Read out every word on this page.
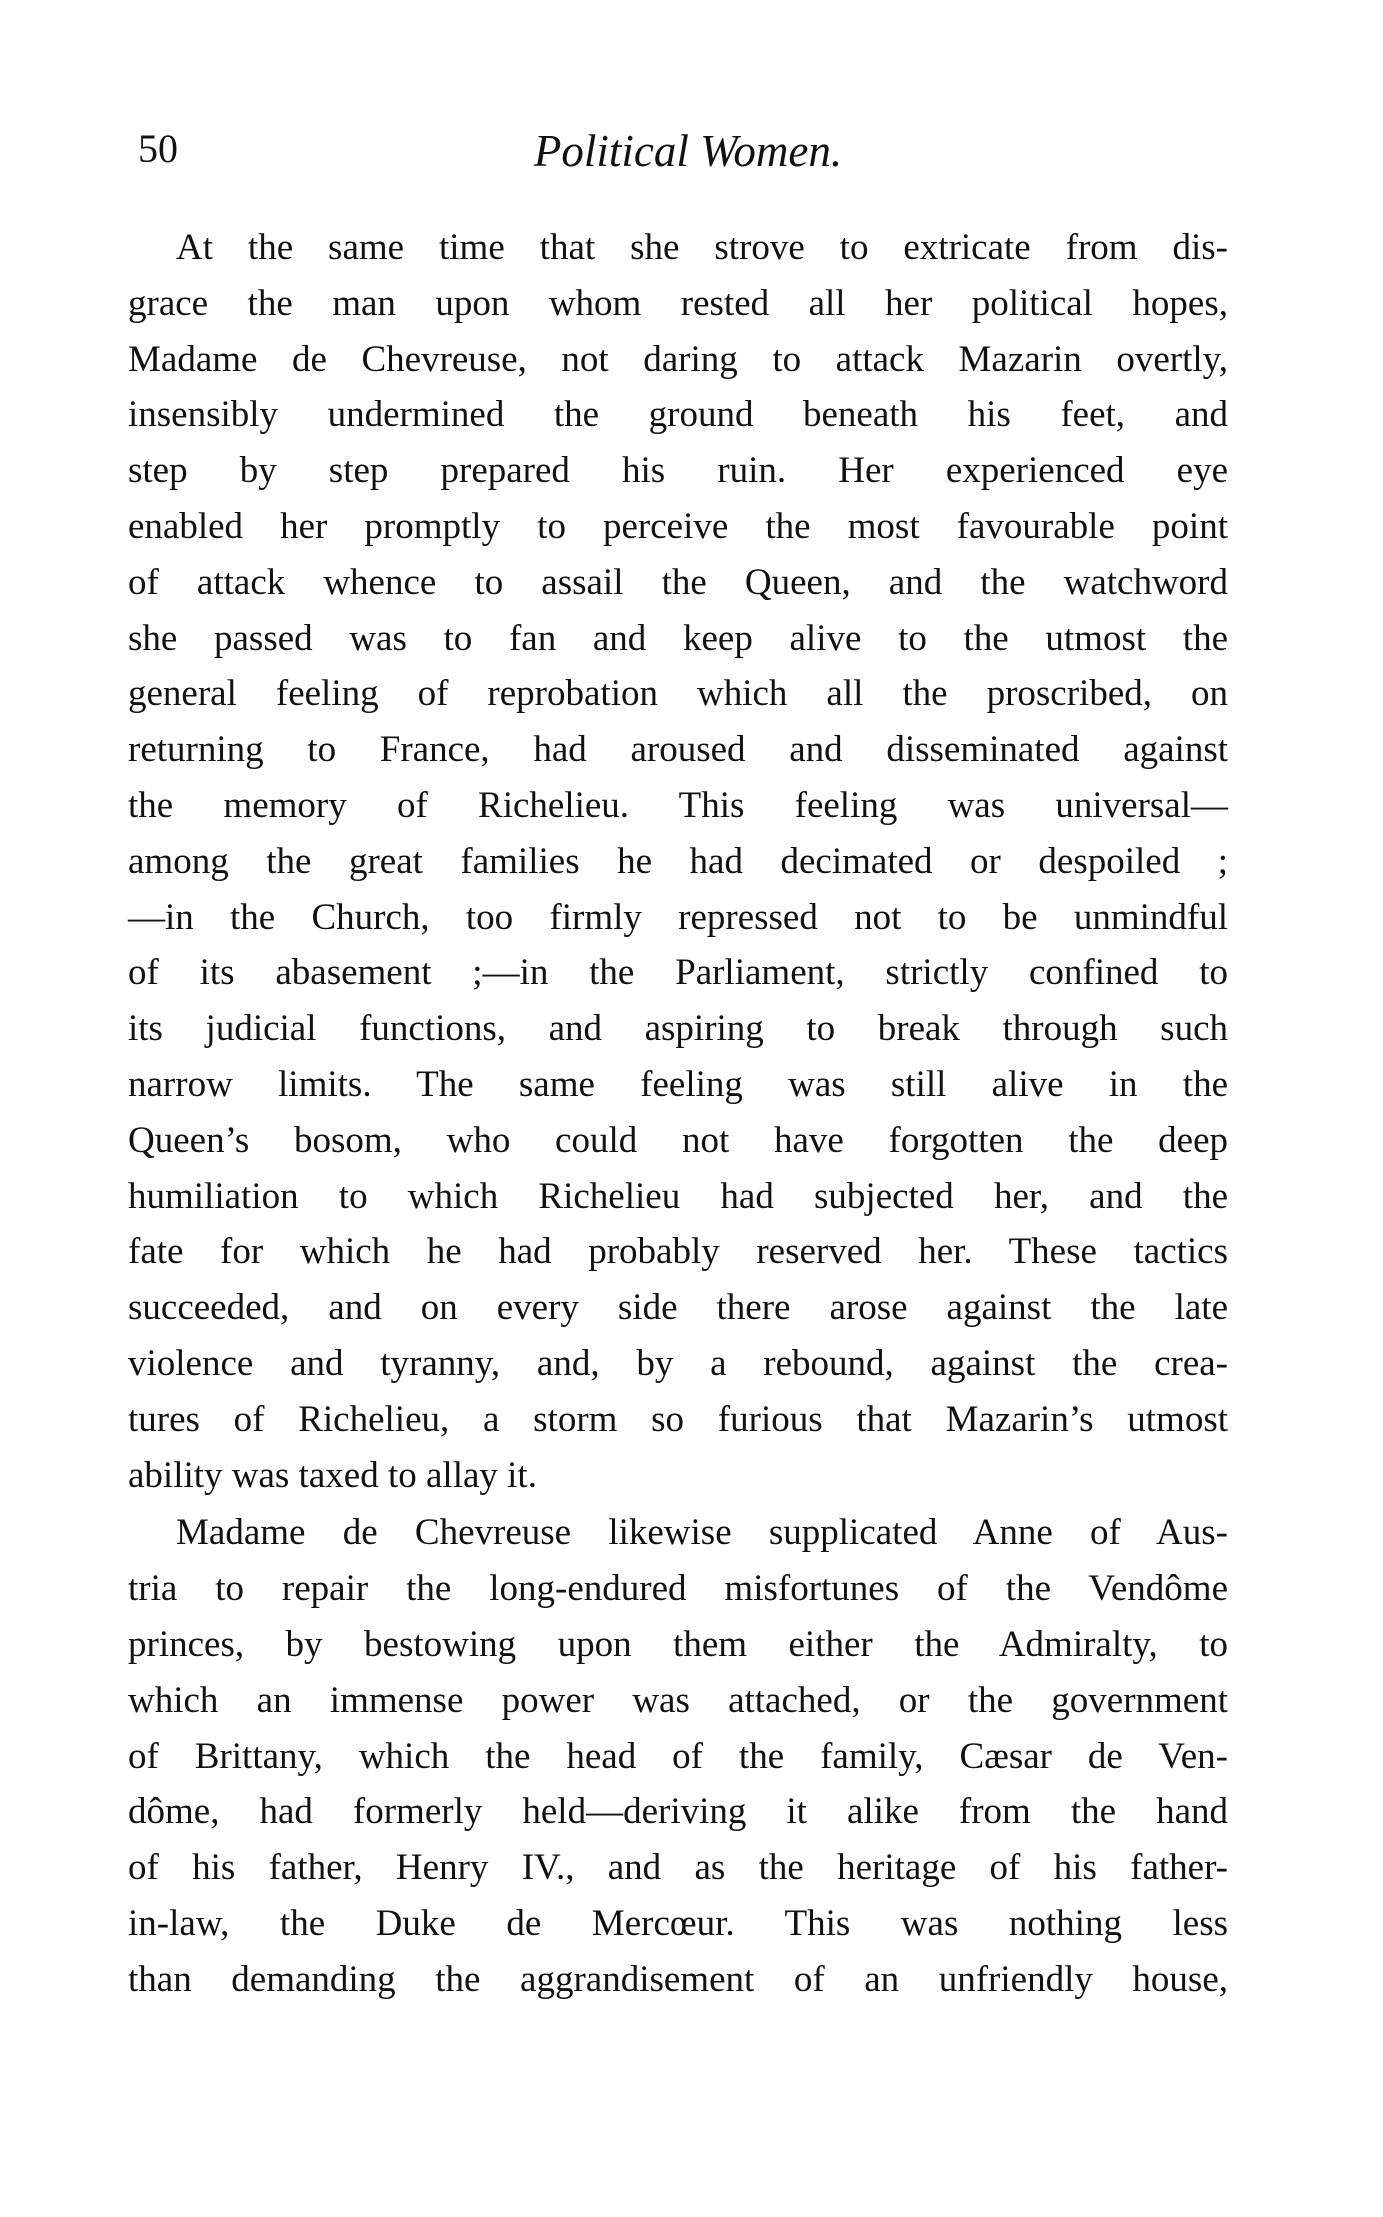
50	Political Women.
At the same time that she strove to extricate from dis-
grace the man upon whom rested all her political hopes,
Madame de Chevreuse, not daring to attack Mazarin overtly,
insensibly undermined the ground beneath his feet, and
step by step prepared his ruin. Her experienced eye
enabled her promptly to perceive the most favourable point
of attack whence to assail the Queen, and the watchword
she passed was to fan and keep alive to the utmost the
general feeling of reprobation which all the proscribed, on
returning to France, had aroused and disseminated against
the memory of Richelieu. This feeling was universal—
among the great families he had decimated or despoiled ;
—in the Church, too firmly repressed not to be unmindful
of its abasement ;—in the Parliament, strictly confined to
its judicial functions, and aspiring to break through such
narrow limits. The same feeling was still alive in the
Queen’s bosom, who could not have forgotten the deep
humiliation to which Richelieu had subjected her, and the
fate for which he had probably reserved her. These tactics
succeeded, and on every side there arose against the late
violence and tyranny, and, by a rebound, against the crea-
tures of Richelieu, a storm so furious that Mazarin’s utmost
ability was taxed to allay it.
Madame de Chevreuse likewise supplicated Anne of Aus-
tria to repair the long-endured misfortunes of the Vendôme
princes, by bestowing upon them either the Admiralty, to
which an immense power was attached, or the government
of Brittany, which the head of the family, Cæsar de Ven-
dôme, had formerly held—deriving it alike from the hand
of his father, Henry IV., and as the heritage of his father-
in-law, the Duke de Mercœur. This was nothing less
than demanding the aggrandisement of an unfriendly house,
